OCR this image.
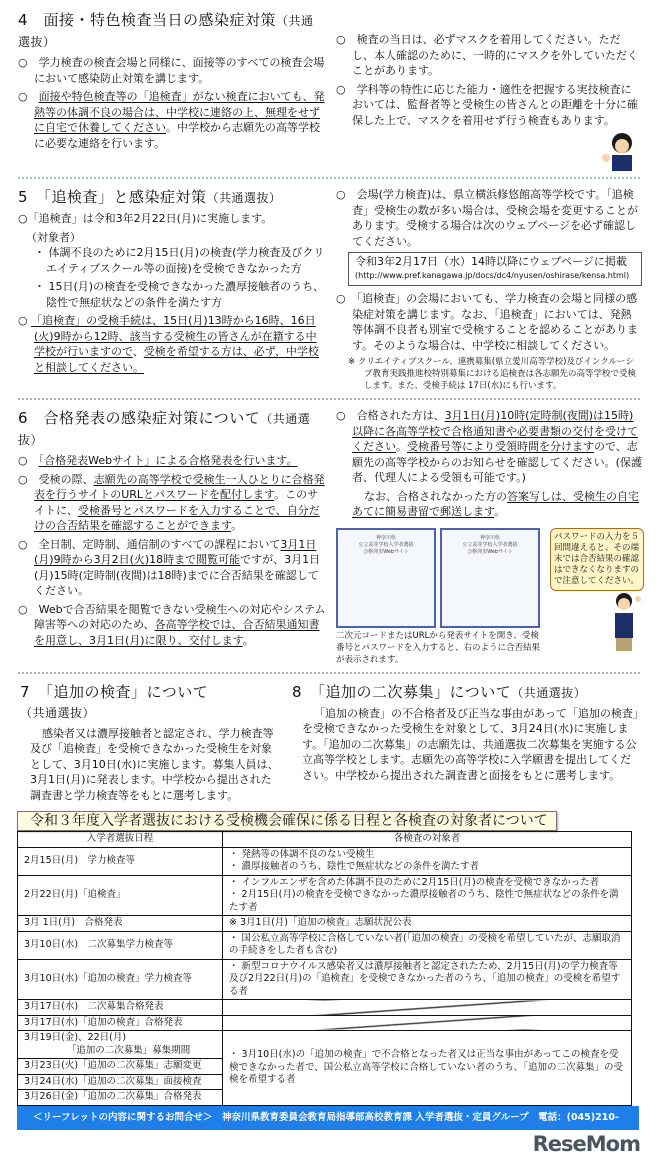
4　面接・特色検査当日の感染症対策（共通選抜）
○　学力検査の検査会場と同様に、面接等のすべての検査会場において感染防止対策を講じます。
○　面接や特色検査等の「追検査」がない検査においても、発熱等の体調不良の場合は、中学校に連絡の上、無理をせずに自宅で休養してください。中学校から志願先の高等学校に必要な連絡を行います。
○　検査の当日は、必ずマスクを着用してください。ただし、本人確認のために、一時的にマスクを外していただくことがあります。
○　学科等の特性に応じた能力・適性を把握する実技検査においては、監督者等と受検生の皆さんとの距離を十分に確保した上で、マスクを着用せず行う検査もあります。
5　「追検査」と感染症対策（共通選抜）
○「追検査」は令和3年2月22日(月)に実施します。
（対象者）
・ 体調不良のために2月15日(月)の検査(学力検査及びクリエイティブスクール等の面接)を受検できなかった方
・ 15日(月)の検査を受検できなかった濃厚接触者のうち、陰性で無症状などの条件を満たす方
○ 「追検査」の受検手続は、15日(月)13時から16時、16日(火)9時から12時、該当する受検生の皆さんが在籍する中学校が行いますので、受検を希望する方は、必ず、中学校と相談してください。
○　会場(学力検査)は、県立横浜修悠館高等学校です。「追検査」受検生の数が多い場合は、受検会場を変更することがあります。受検する場合は次のウェブページを必ず確認してください。
令和3年2月17日（水）14時以降にウェブページに掲載
(http://www.pref.kanagawa.jp/docs/dc4/nyusen/oshirase/kensa.html)
○　「追検査」の会場においても、学力検査の会場と同様の感染症対策を講じます。なお、「追検査」においては、発熱等体調不良者も別室で受検することを認めることがあります。そのような場合は、中学校に相談してください。
※ クリエイティブスクール、連携募集(県立愛川高等学校)及びインクルーシブ教育実践推進校特別募集における追検査は各志願先の高等学校で受検します。また、受検手続は 17日(水)にも行います。
6　合格発表の感染症対策について（共通選抜）
○　「合格発表Webサイト」による合格発表を行います。
○　受検の際、志願先の高等学校で受検生一人ひとりに合格発表を行うサイトのURLとパスワードを配付します。このサイトに、受検番号とパスワードを入力することで、自分だけの合否結果を確認することができます。
○　全日制、定時制、通信制のすべての課程において3月1日(月)9時から3月2日(火)18時まで閲覧可能ですが、3月1日(月)15時(定時制(夜間)は18時)までに合否結果を確認してください。
○　Webで合否結果を閲覧できない受検生への対応やシステム障害等への対応のため、各高等学校では、合否結果通知書を用意し、3月1日(月)に限り、交付します。
○　合格された方は、3月1日(月)10時(定時制(夜間)は15時)以降に各高等学校で合格通知書や必要書類の交付を受けてください。受検番号等により受領時間を分けますので、志願先の高等学校からのお知らせを確認してください。(保護者、代理人による受領も可能です。)
なお、合格されなかった方の答案写しは、受検生の自宅あてに簡易書留で郵送します。
神奈川県
公立高等学校入学者選抜
合格発表Webサイト
神奈川県
公立高等学校入学者選抜
合格発表Webサイト
二次元コードまたはURLから発表サイトを開き、受検番号とパスワードを入力すると、右のように合否結果が表示されます。
パスワードの入力を５回間違えると、その端末では合否結果の確認はできなくなりますので注意してください。
7　「追加の検査」について（共通選抜）
感染者又は濃厚接触者と認定され、学力検査等及び「追検査」を受検できなかった受検生を対象として、3月10日(水)に実施します。募集人員は、3月1日(月)に発表します。中学校から提出された調査書と学力検査等をもとに選考します。
8　「追加の二次募集」について（共通選抜）
「追加の検査」の不合格者及び正当な事由があって「追加の検査」を受検できなかった受検生を対象として、3月24日(水)に実施します。「追加の二次募集」の志願先は、共通選抜二次募集を実施する公立高等学校とします。志願先の高等学校に入学願書を提出してください。中学校から提出された調査書と面接をもとに選考します。
令和３年度入学者選抜における受検機会確保に係る日程と各検査の対象者について
入学者選抜日程	各検査の対象者
2月15日(月)　学力検査等	・ 発熱等の体調不良のない受検生
・ 濃厚接触者のうち、陰性で無症状などの条件を満たす者
2月22日(月)「追検査」	・ インフルエンザを含めた体調不良のために2月15日(月)の検査を受検できなかった者
・ 2月15日(月)の検査を受検できなかった濃厚接触者のうち、陰性で無症状などの条件を満たす者
3月 1日(月)　合格発表	※ 3月1日(月)「追加の検査」志願状況公表
3月10日(水)　二次募集学力検査等	・ 国公私立高等学校に合格していない者(「追加の検査」の受検を希望していたが、志願取消の手続きをした者も含む)
3月10日(水)「追加の検査」学力検査等	・ 新型コロナウイルス感染者又は濃厚接触者と認定されたため、2月15日(月)の学力検査等及び2月22日(月)の「追検査」を受検できなかった者のうち、「追加の検査」の受検を希望する者
3月17日(水)　二次募集合格発表	
3月17日(水)「追加の検査」合格発表	
3月19日(金)、22日(月)
　　　　　「追加の二次募集」募集期間	・ 3月10日(水)の「追加の検査」で不合格となった者又は正当な事由があってこの検査を受検できなかった者で、国公私立高等学校に合格していない者のうち、「追加の二次募集」の受検を希望する者
3月23日(火)「追加の二次募集」志願変更	
3月24日(水)「追加の二次募集」面接検査	
3月26日(金)「追加の二次募集」合格発表	
＜リーフレットの内容に関するお問合せ＞　神奈川県教育委員会教育局指導部高校教育課 入学者選抜・定員グループ　電話：(045)210-
ReseMom
